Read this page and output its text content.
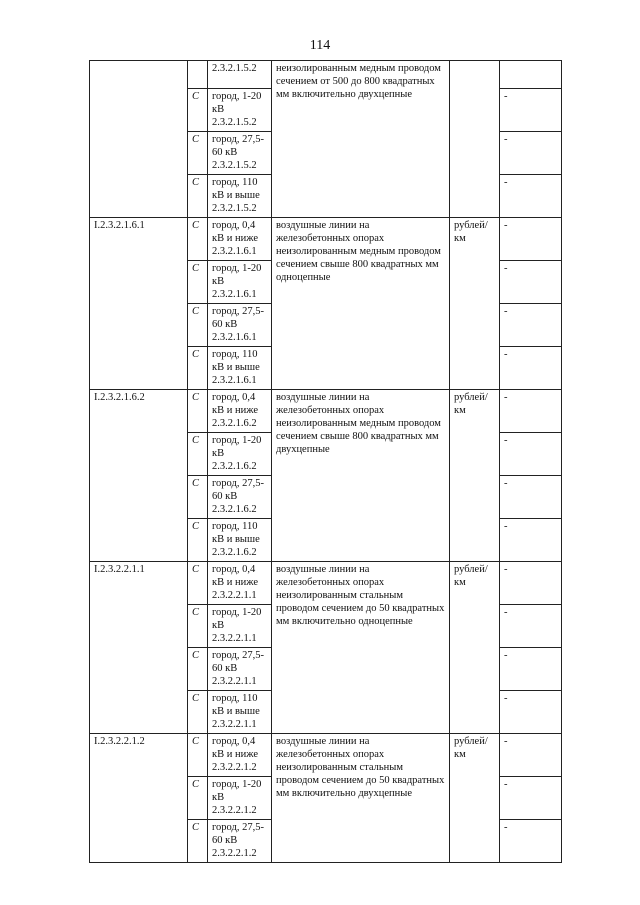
114
		2.3.2.1.5.2	неизолированным медным проводом сечением от 500 до 800 квадратных мм включительно двухцепные		
	С	город, 1-20 кВ 2.3.2.1.5.2			-
	С	город, 27,5-60 кВ 2.3.2.1.5.2			-
	С	город, 110 кВ и выше 2.3.2.1.5.2			-
I.2.3.2.1.6.1	С	город, 0,4 кВ и ниже 2.3.2.1.6.1	воздушные линии на железобетонных опорах неизолированным медным проводом сечением свыше 800 квадратных мм одноцепные	рублей/ км	-
	С	город, 1-20 кВ 2.3.2.1.6.1			-
	С	город, 27,5-60 кВ 2.3.2.1.6.1			-
	С	город, 110 кВ и выше 2.3.2.1.6.1			-
I.2.3.2.1.6.2	С	город, 0,4 кВ и ниже 2.3.2.1.6.2	воздушные линии на железобетонных опорах неизолированным медным проводом сечением свыше 800 квадратных мм двухцепные	рублей/ км	-
	С	город, 1-20 кВ 2.3.2.1.6.2			-
	С	город, 27,5-60 кВ 2.3.2.1.6.2			-
	С	город, 110 кВ и выше 2.3.2.1.6.2			-
I.2.3.2.2.1.1	С	город, 0,4 кВ и ниже 2.3.2.2.1.1	воздушные линии на железобетонных опорах неизолированным стальным проводом сечением до 50 квадратных мм включительно одноцепные	рублей/ км	-
	С	город, 1-20 кВ 2.3.2.2.1.1			-
	С	город, 27,5-60 кВ 2.3.2.2.1.1			-
	С	город, 110 кВ и выше 2.3.2.2.1.1			-
I.2.3.2.2.1.2	С	город, 0,4 кВ и ниже 2.3.2.2.1.2	воздушные линии на железобетонных опорах неизолированным стальным проводом сечением до 50 квадратных мм включительно двухцепные	рублей/ км	-
	С	город, 1-20 кВ 2.3.2.2.1.2			-
	С	город, 27,5-60 кВ 2.3.2.2.1.2			-
